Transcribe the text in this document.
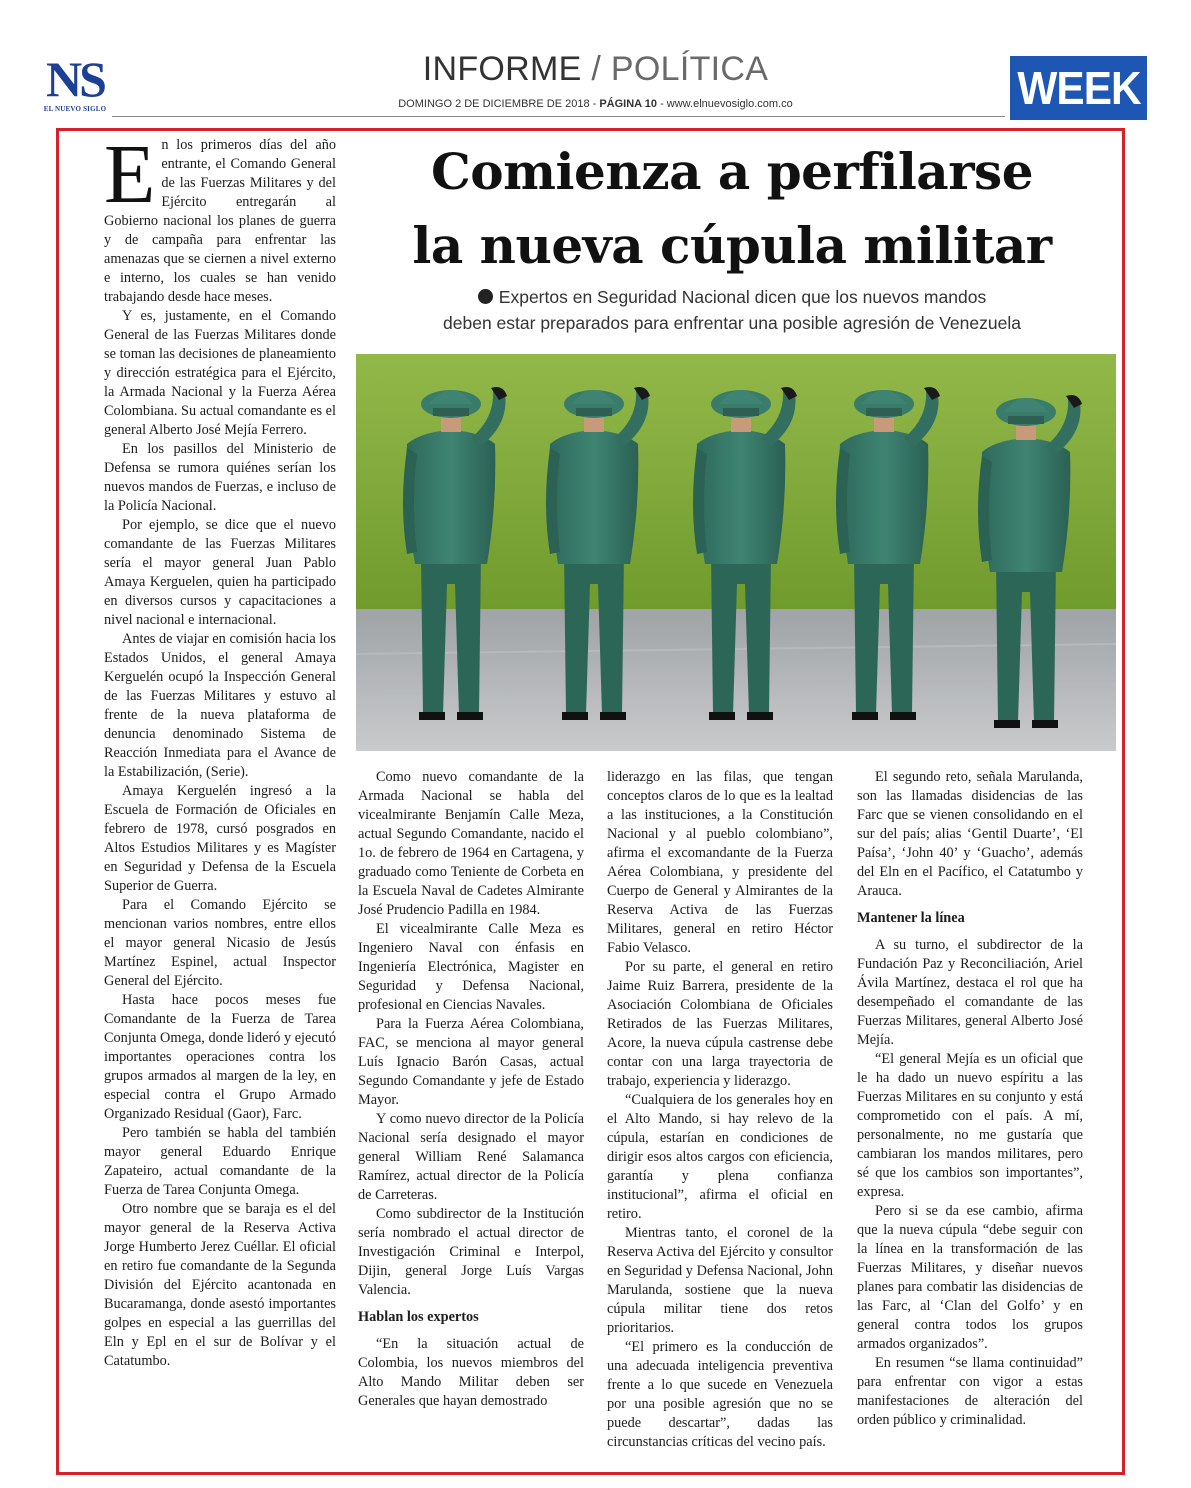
NS
EL NUEVO SIGLO
INFORME / POLÍTICA
DOMINGO 2 DE DICIEMBRE DE 2018 - PÁGINA 10 - www.elnuevosiglo.com.co	WEEK
Comienza a perfilarse
la nueva cúpula militar
Expertos en Seguridad Nacional dicen que los nuevos mandos
deben estar preparados para enfrentar una posible agresión de Venezuela

En los primeros días del año entrante, el Comando General de las Fuerzas Militares y del Ejército entregarán al Gobierno nacional los planes de guerra y de campaña para enfrentar las amenazas que se ciernen a nivel externo e interno, los cuales se han venido trabajando desde hace meses.

Y es, justamente, en el Comando General de las Fuerzas Militares donde se toman las decisiones de planeamiento y dirección estratégica para el Ejército, la Armada Nacional y la Fuerza Aérea Colombiana. Su actual comandante es el general Alberto José Mejía Ferrero.

En los pasillos del Ministerio de Defensa se rumora quiénes serían los nuevos mandos de Fuerzas, e incluso de la Policía Nacional.

Por ejemplo, se dice que el nuevo comandante de las Fuerzas Militares sería el mayor general Juan Pablo Amaya Kerguelen, quien ha participado en diversos cursos y capacitaciones a nivel nacional e internacional.

Antes de viajar en comisión hacia los Estados Unidos, el general Amaya Kerguelén ocupó la Inspección General de las Fuerzas Militares y estuvo al frente de la nueva plataforma de denuncia denominado Sistema de Reacción Inmediata para el Avance de la Estabilización, (Serie).

Amaya Kerguelén ingresó a la Escuela de Formación de Oficiales en febrero de 1978, cursó posgrados en Altos Estudios Militares y es Magíster en Seguridad y Defensa de la Escuela Superior de Guerra.

Para el Comando Ejército se mencionan varios nombres, entre ellos el mayor general Nicasio de Jesús Martínez Espinel, actual Inspector General del Ejército.

Hasta hace pocos meses fue Comandante de la Fuerza de Tarea Conjunta Omega, donde lideró y ejecutó importantes operaciones contra los grupos armados al margen de la ley, en especial contra el Grupo Armado Organizado Residual (Gaor), Farc.

Pero también se habla del también mayor general Eduardo Enrique Zapateiro, actual comandante de la Fuerza de Tarea Conjunta Omega.

Otro nombre que se baraja es el del mayor general de la Reserva Activa Jorge Humberto Jerez Cuéllar. El oficial en retiro fue comandante de la Segunda División del Ejército acantonada en Bucaramanga, donde asestó importantes golpes en especial a las guerrillas del Eln y Epl en el sur de Bolívar y el Catatumbo.

Como nuevo comandante de la Armada Nacional se habla del vicealmirante Benjamín Calle Meza, actual Segundo Comandante, nacido el 1o. de febrero de 1964 en Cartagena, y graduado como Teniente de Corbeta en la Escuela Naval de Cadetes Almirante José Prudencio Padilla en 1984.

El vicealmirante Calle Meza es Ingeniero Naval con énfasis en Ingeniería Electrónica, Magister en Seguridad y Defensa Nacional, profesional en Ciencias Navales.

Para la Fuerza Aérea Colombiana, FAC, se menciona al mayor general Luís Ignacio Barón Casas, actual Segundo Comandante y jefe de Estado Mayor.

Y como nuevo director de la Policía Nacional sería designado el mayor general William René Salamanca Ramírez, actual director de la Policía de Carreteras.

Como subdirector de la Institución sería nombrado el actual director de Investigación Criminal e Interpol, Dijin, general Jorge Luís Vargas Valencia.

Hablan los expertos

“En la situación actual de Colombia, los nuevos miembros del Alto Mando Militar deben ser Generales que hayan demostrado

liderazgo en las filas, que tengan conceptos claros de lo que es la lealtad a las instituciones, a la Constitución Nacional y al pueblo colombiano”, afirma el excomandante de la Fuerza Aérea Colombiana, y presidente del Cuerpo de General y Almirantes de la Reserva Activa de las Fuerzas Militares, general en retiro Héctor Fabio Velasco.

Por su parte, el general en retiro Jaime Ruiz Barrera, presidente de la Asociación Colombiana de Oficiales Retirados de las Fuerzas Militares, Acore, la nueva cúpula castrense debe contar con una larga trayectoria de trabajo, experiencia y liderazgo.

“Cualquiera de los generales hoy en el Alto Mando, si hay relevo de la cúpula, estarían en condiciones de dirigir esos altos cargos con eficiencia, garantía y plena confianza institucional”, afirma el oficial en retiro.

Mientras tanto, el coronel de la Reserva Activa del Ejército y consultor en Seguridad y Defensa Nacional, John Marulanda, sostiene que la nueva cúpula militar tiene dos retos prioritarios.

“El primero es la conducción de una adecuada inteligencia preventiva frente a lo que sucede en Venezuela por una posible agresión que no se puede descartar”, dadas las circunstancias críticas del vecino país.

El segundo reto, señala Marulanda, son las llamadas disidencias de las Farc que se vienen consolidando en el sur del país; alias ‘Gentil Duarte’, ‘El Paísa’, ‘John 40’ y ‘Guacho’, además del Eln en el Pacífico, el Catatumbo y Arauca.

Mantener la línea

A su turno, el subdirector de la Fundación Paz y Reconciliación, Ariel Ávila Martínez, destaca el rol que ha desempeñado el comandante de las Fuerzas Militares, general Alberto José Mejía.

“El general Mejía es un oficial que le ha dado un nuevo espíritu a las Fuerzas Militares en su conjunto y está comprometido con el país. A mí, personalmente, no me gustaría que cambiaran los mandos militares, pero sé que los cambios son importantes”, expresa.

Pero si se da ese cambio, afirma que la nueva cúpula “debe seguir con la línea en la transformación de las Fuerzas Militares, y diseñar nuevos planes para combatir las disidencias de las Farc, al ‘Clan del Golfo’ y en general contra todos los grupos armados organizados”.

En resumen “se llama continuidad” para enfrentar con vigor a estas manifestaciones de alteración del orden público y criminalidad.
